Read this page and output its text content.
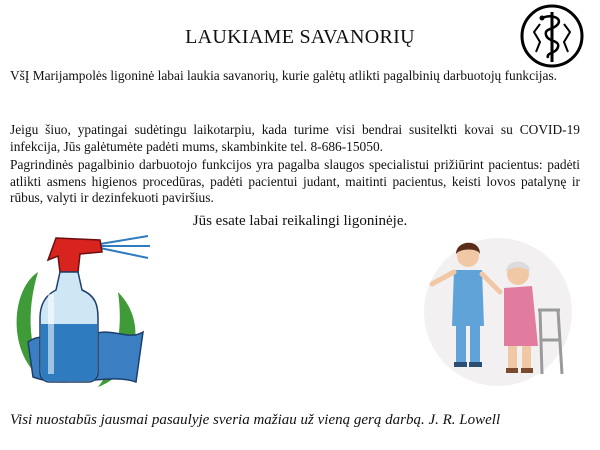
LAUKIAME SAVANORIŲ
VšĮ Marijampolės ligoninė labai laukia savanorių, kurie galėtų atlikti pagalbinių darbuotojų funkcijas.
Jeigu šiuo, ypatingai sudėtingu laikotarpiu, kada turime visi bendrai susitelkti kovai su COVID-19 infekcija, Jūs galėtumėte padėti mums, skambinkite tel. 8-686-15050.
Pagrindinės pagalbinio darbuotojo funkcijos yra pagalba slaugos specialistui prižiūrint pacientus: padėti atlikti asmens higienos procedūras, padėti pacientui judant, maitinti pacientus, keisti lovos patalynę ir rūbus, valyti ir dezinfekuoti paviršius.
Jūs esate labai reikalingi ligoninėje.
Visi nuostabūs jausmai pasaulyje sveria mažiau už vieną gerą darbą. J. R. Lowell
